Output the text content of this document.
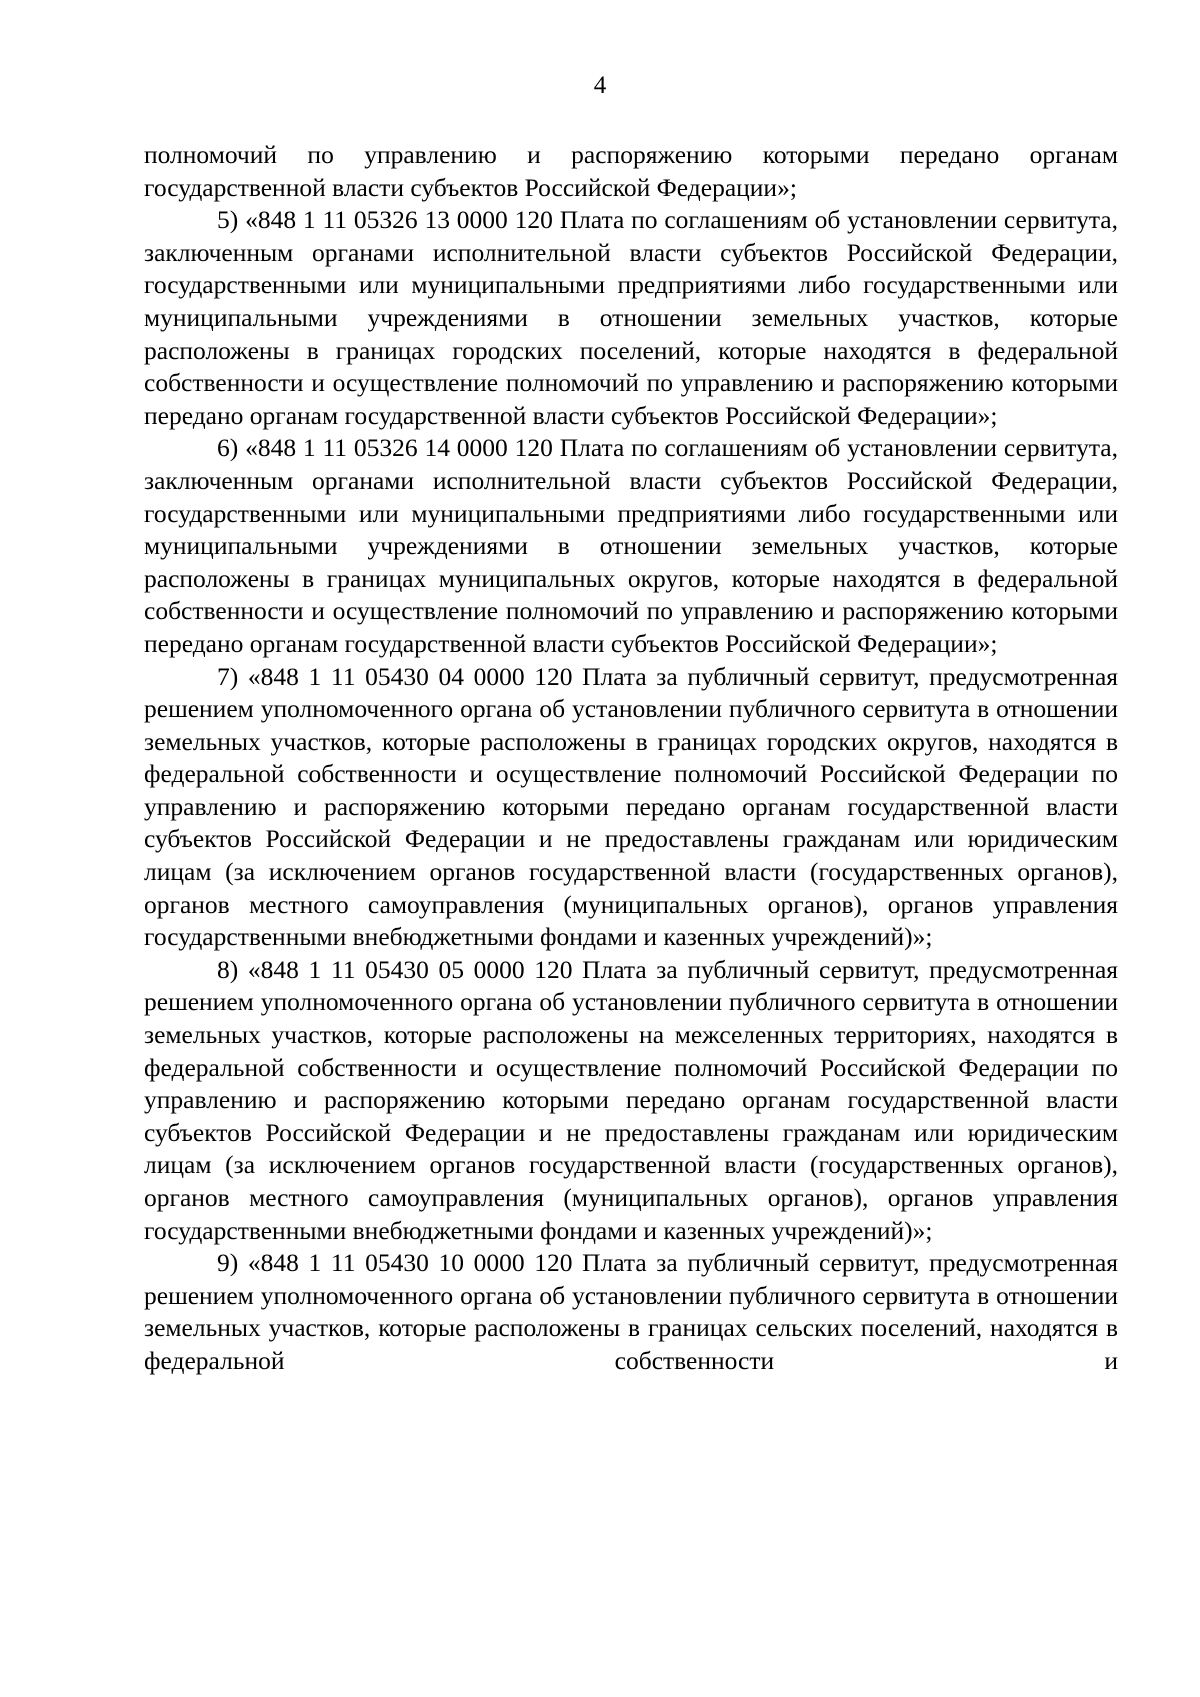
4

полномочий по управлению и распоряжению которыми передано органам государственной власти субъектов Российской Федерации»;

5) «848 1 11 05326 13 0000 120 Плата по соглашениям об установлении сервитута, заключенным органами исполнительной власти субъектов Российской Федерации, государственными или муниципальными предприятиями либо государственными или муниципальными учреждениями в отношении земельных участков, которые расположены в границах городских поселений, которые находятся в федеральной собственности и осуществление полномочий по управлению и распоряжению которыми передано органам государственной власти субъектов Российской Федерации»;

6) «848 1 11 05326 14 0000 120 Плата по соглашениям об установлении сервитута, заключенным органами исполнительной власти субъектов Российской Федерации, государственными или муниципальными предприятиями либо государственными или муниципальными учреждениями в отношении земельных участков, которые расположены в границах муниципальных округов, которые находятся в федеральной собственности и осуществление полномочий по управлению и распоряжению которыми передано органам государственной власти субъектов Российской Федерации»;

7) «848 1 11 05430 04 0000 120 Плата за публичный сервитут, предусмотренная решением уполномоченного органа об установлении публичного сервитута в отношении земельных участков, которые расположены в границах городских округов, находятся в федеральной собственности и осуществление полномочий Российской Федерации по управлению и распоряжению которыми передано органам государственной власти субъектов Российской Федерации и не предоставлены гражданам или юридическим лицам (за исключением органов государственной власти (государственных органов), органов местного самоуправления (муниципальных органов), органов управления государственными внебюджетными фондами и казенных учреждений)»;

8) «848 1 11 05430 05 0000 120 Плата за публичный сервитут, предусмотренная решением уполномоченного органа об установлении публичного сервитута в отношении земельных участков, которые расположены на межселенных территориях, находятся в федеральной собственности и осуществление полномочий Российской Федерации по управлению и распоряжению которыми передано органам государственной власти субъектов Российской Федерации и не предоставлены гражданам или юридическим лицам (за исключением органов государственной власти (государственных органов), органов местного самоуправления (муниципальных органов), органов управления государственными внебюджетными фондами и казенных учреждений)»;

9) «848 1 11 05430 10 0000 120 Плата за публичный сервитут, предусмотренная решением уполномоченного органа об установлении публичного сервитута в отношении земельных участков, которые расположены в границах сельских поселений, находятся в федеральной собственности и
